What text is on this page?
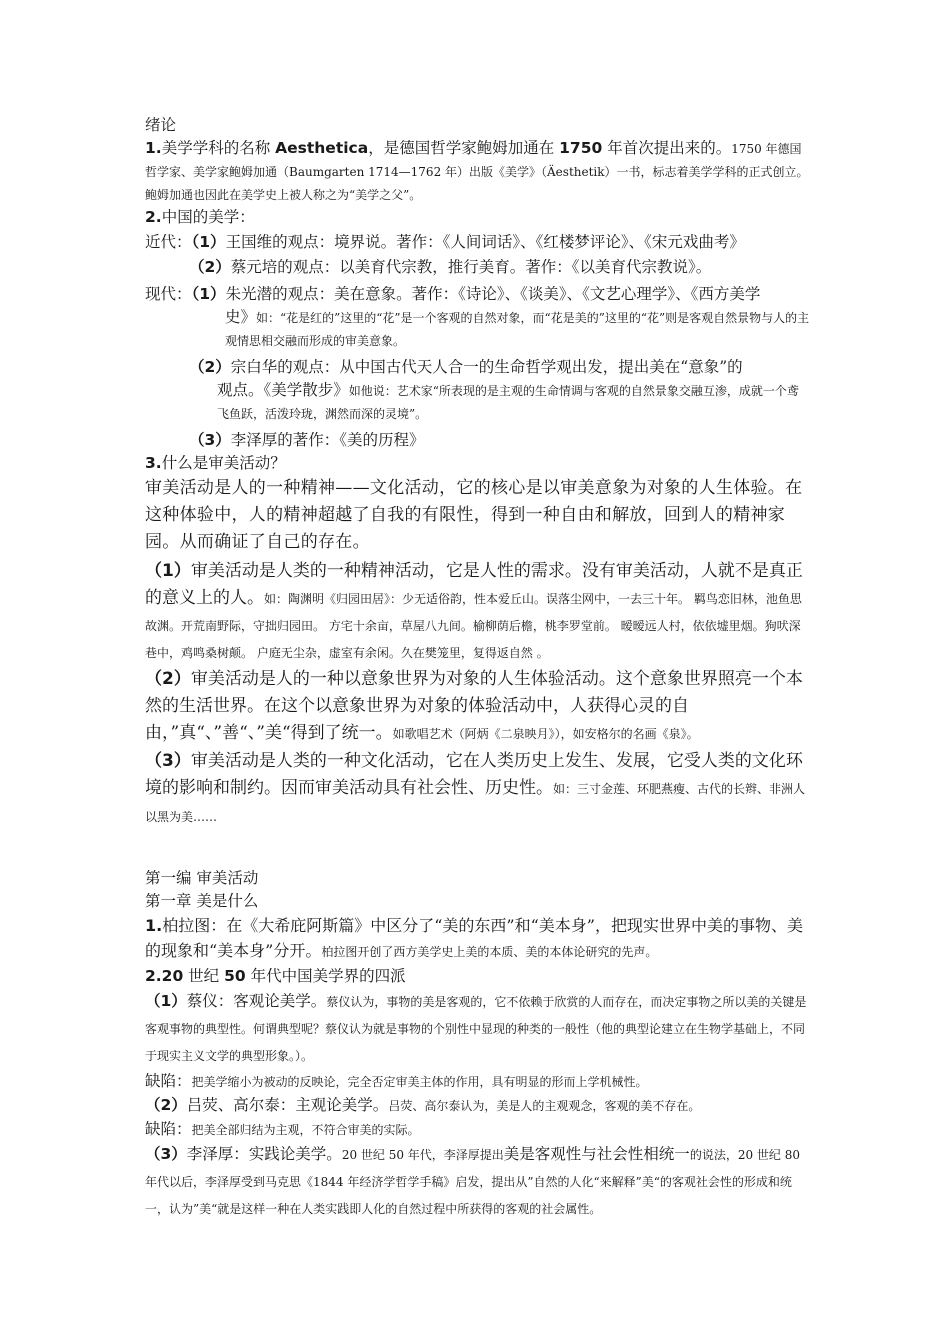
绪论
1.美学学科的名称 Aesthetica，是德国哲学家鲍姆加通在 1750 年首次提出来的。1750 年德国哲学家、美学家鲍姆加通（Baumgarten 1714—1762 年）出版《美学》（Äesthetik）一书，标志着美学学科的正式创立。鲍姆加通也因此在美学史上被人称之为“美学之父”。
2.中国的美学：
近代：（1）王国维的观点：境界说。著作：《人间词话》、《红楼梦评论》、《宋元戏曲考》
（2）蔡元培的观点：以美育代宗教，推行美育。著作：《以美育代宗教说》。
现代：（1）朱光潜的观点：美在意象。著作：《诗论》、《谈美》、《文艺心理学》、《西方美学
史》如：“花是红的”这里的“花”是一个客观的自然对象，而“花是美的”这里的“花”则是客观自然景物与人的主观情思相交融而形成的审美意象。
（2）宗白华的观点：从中国古代天人合一的生命哲学观出发，提出美在“意象”的
观点。《美学散步》如他说：艺术家“所表现的是主观的生命情调与客观的自然景象交融互渗，成就一个鸢飞鱼跃，活泼玲珑，渊然而深的灵境”。
（3）李泽厚的著作：《美的历程》
3.什么是审美活动？
审美活动是人的一种精神——文化活动，它的核心是以审美意象为对象的人生体验。在这种体验中，人的精神超越了自我的有限性，得到一种自由和解放，回到人的精神家园。从而确证了自己的存在。
（1）审美活动是人类的一种精神活动，它是人性的需求。没有审美活动，人就不是真正的意义上的人。如：陶渊明《归园田居》：少无适俗韵，性本爱丘山。误落尘网中，一去三十年。 羁鸟恋旧林，池鱼思故渊。开荒南野际，守拙归园田。 方宅十余亩，草屋八九间。榆柳荫后檐，桃李罗堂前。 暧暧远人村，依依墟里烟。狗吠深巷中，鸡鸣桑树颠。 户庭无尘杂，虚室有余闲。久在樊笼里，复得返自然 。
（2）审美活动是人的一种以意象世界为对象的人生体验活动。这个意象世界照亮一个本然的生活世界。在这个以意象世界为对象的体验活动中，人获得心灵的自由，”真“、”善“、”美“得到了统一。如歌唱艺术（阿炳《二泉映月》），如安格尔的名画《泉》。
（3）审美活动是人类的一种文化活动，它在人类历史上发生、发展，它受人类的文化环境的影响和制约。因而审美活动具有社会性、历史性。如：三寸金莲、环肥燕瘦、古代的长辫、非洲人以黑为美……
第一编 审美活动
第一章 美是什么
1.柏拉图：在《大希庇阿斯篇》中区分了“美的东西”和“美本身”，把现实世界中美的事物、美的现象和“美本身”分开。柏拉图开创了西方美学史上美的本质、美的本体论研究的先声。
2.20 世纪 50 年代中国美学界的四派
（1）蔡仪：客观论美学。蔡仪认为，事物的美是客观的，它不依赖于欣赏的人而存在，而决定事物之所以美的关键是客观事物的典型性。何谓典型呢？蔡仪认为就是事物的个别性中显现的种类的一般性（他的典型论建立在生物学基础上，不同于现实主义文学的典型形象。）。
缺陷：把美学缩小为被动的反映论，完全否定审美主体的作用，具有明显的形而上学机械性。
（2）吕荧、高尔泰：主观论美学。吕荧、高尔泰认为，美是人的主观观念，客观的美不存在。
缺陷：把美全部归结为主观，不符合审美的实际。
（3）李泽厚：实践论美学。20 世纪 50 年代，李泽厚提出美是客观性与社会性相统一的说法，20 世纪 80 年代以后，李泽厚受到马克思《1844 年经济学哲学手稿》启发，提出从”自然的人化“来解释”美“的客观社会性的形成和统一，认为”美“就是这样一种在人类实践即人化的自然过程中所获得的客观的社会属性。
